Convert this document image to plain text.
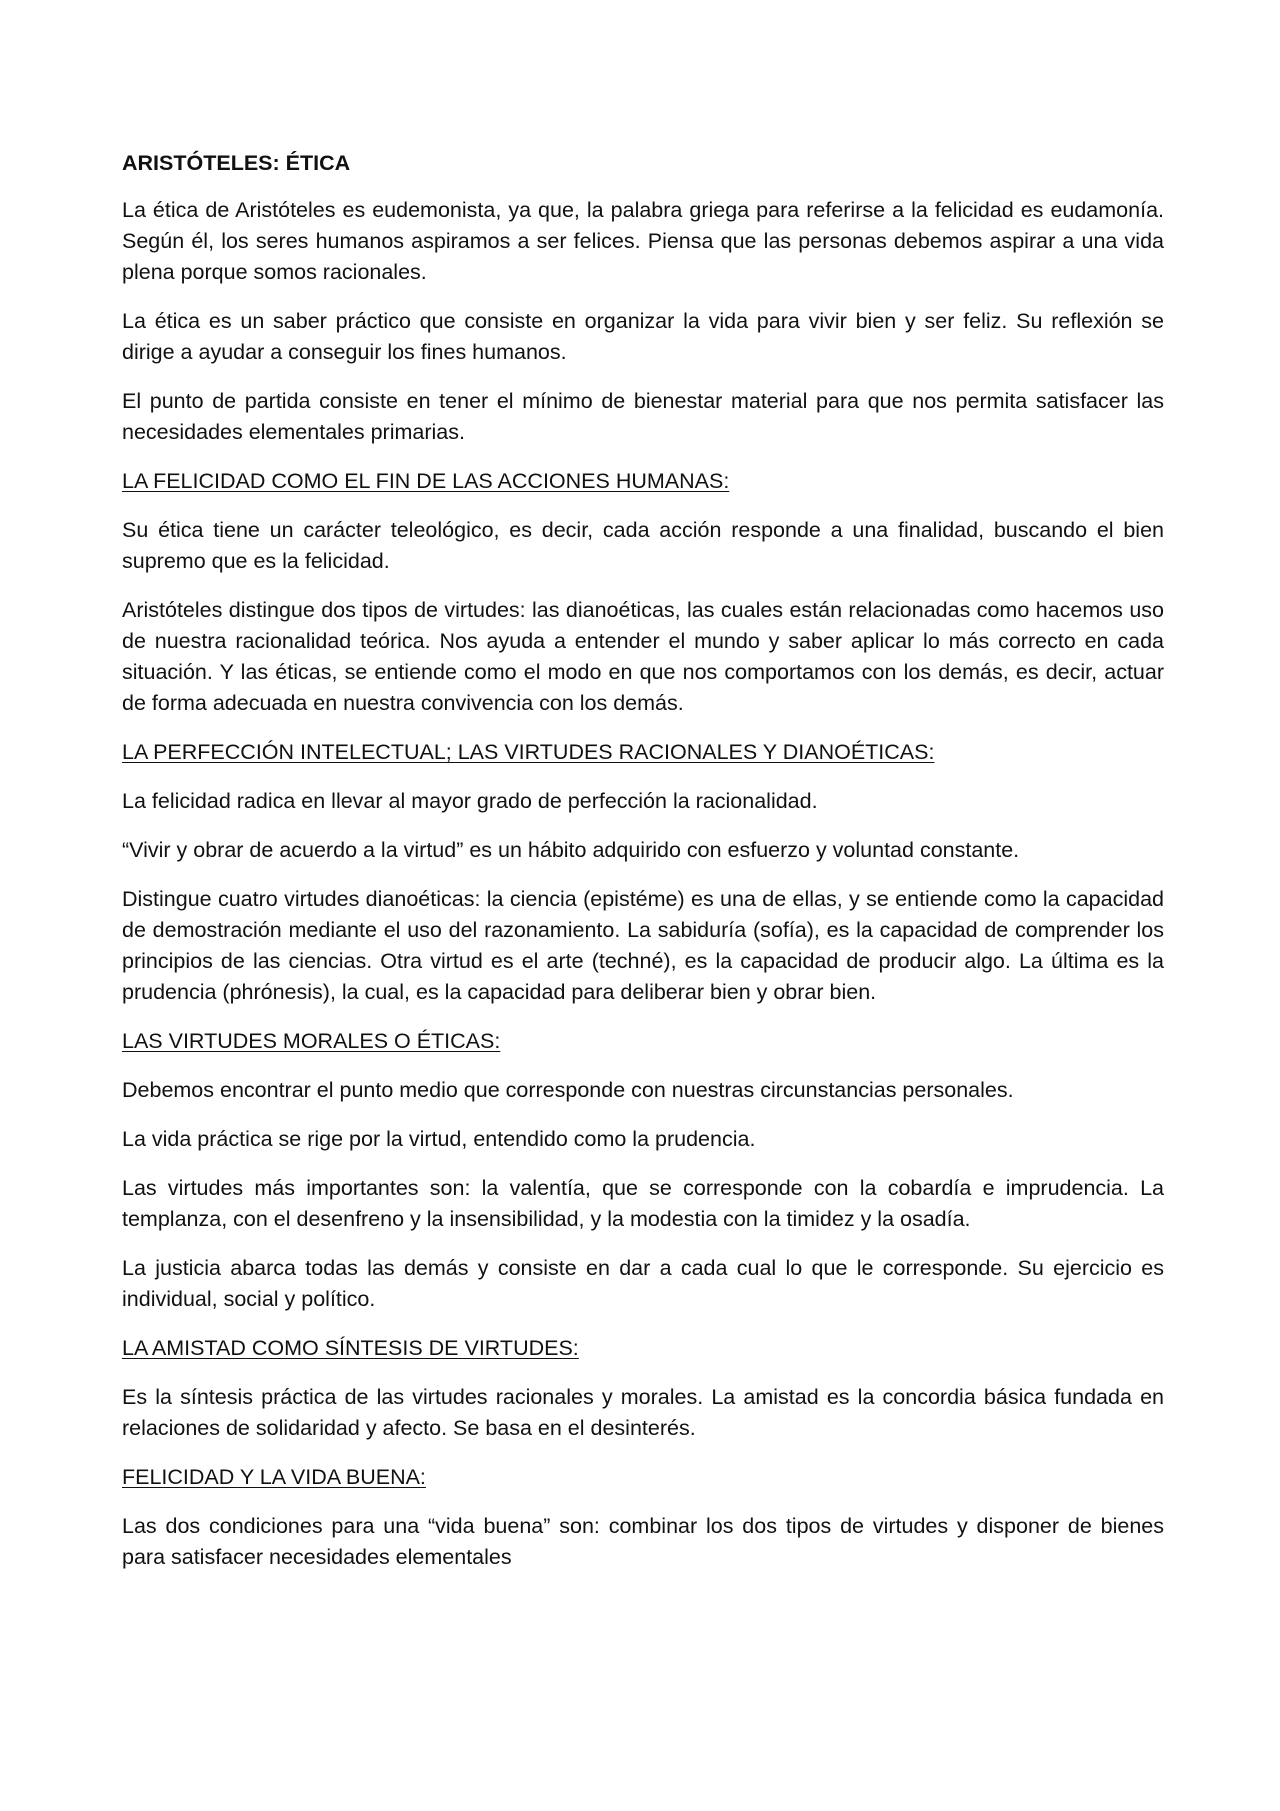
ARISTÓTELES: ÉTICA

La ética de Aristóteles es eudemonista, ya que, la palabra griega para referirse a la felicidad es eudamonía. Según él, los seres humanos aspiramos a ser felices. Piensa que las personas debemos aspirar a una vida plena porque somos racionales.

La ética es un saber práctico que consiste en organizar la vida para vivir bien y ser feliz. Su reflexión se dirige a ayudar a conseguir los fines humanos.

El punto de partida consiste en tener el mínimo de bienestar material para que nos permita satisfacer las necesidades elementales primarias.

LA FELICIDAD COMO EL FIN DE LAS ACCIONES HUMANAS:

Su ética tiene un carácter teleológico, es decir, cada acción responde a una finalidad, buscando el bien supremo que es la felicidad.

Aristóteles distingue dos tipos de virtudes: las dianoéticas, las cuales están relacionadas como hacemos uso de nuestra racionalidad teórica. Nos ayuda a entender el mundo y saber aplicar lo más correcto en cada situación. Y las éticas, se entiende como el modo en que nos comportamos con los demás, es decir, actuar de forma adecuada en nuestra convivencia con los demás.

LA PERFECCIÓN INTELECTUAL; LAS VIRTUDES RACIONALES Y DIANOÉTICAS:

La felicidad radica en llevar al mayor grado de perfección la racionalidad.

“Vivir y obrar de acuerdo a la virtud” es un hábito adquirido con esfuerzo y voluntad constante.

Distingue cuatro virtudes dianoéticas: la ciencia (epistéme) es una de ellas, y se entiende como la capacidad de demostración mediante el uso del razonamiento. La sabiduría (sofía), es la capacidad de comprender los principios de las ciencias. Otra virtud es el arte (techné), es la capacidad de producir algo. La última es la prudencia (phrónesis), la cual, es la capacidad para deliberar bien y obrar bien.

LAS VIRTUDES MORALES O ÉTICAS:

Debemos encontrar el punto medio que corresponde con nuestras circunstancias personales.

La vida práctica se rige por la virtud, entendido como la prudencia.

Las virtudes más importantes son: la valentía, que se corresponde con la cobardía e imprudencia. La templanza, con el desenfreno y la insensibilidad, y la modestia con la timidez y la osadía.

La justicia abarca todas las demás y consiste en dar a cada cual lo que le corresponde. Su ejercicio es individual, social y político.

LA AMISTAD COMO SÍNTESIS DE VIRTUDES:

Es la síntesis práctica de las virtudes racionales y morales. La amistad es la concordia básica fundada en relaciones de solidaridad y afecto. Se basa en el desinterés.

FELICIDAD Y LA VIDA BUENA:

Las dos condiciones para una “vida buena” son: combinar los dos tipos de virtudes y disponer de bienes para satisfacer necesidades elementales
